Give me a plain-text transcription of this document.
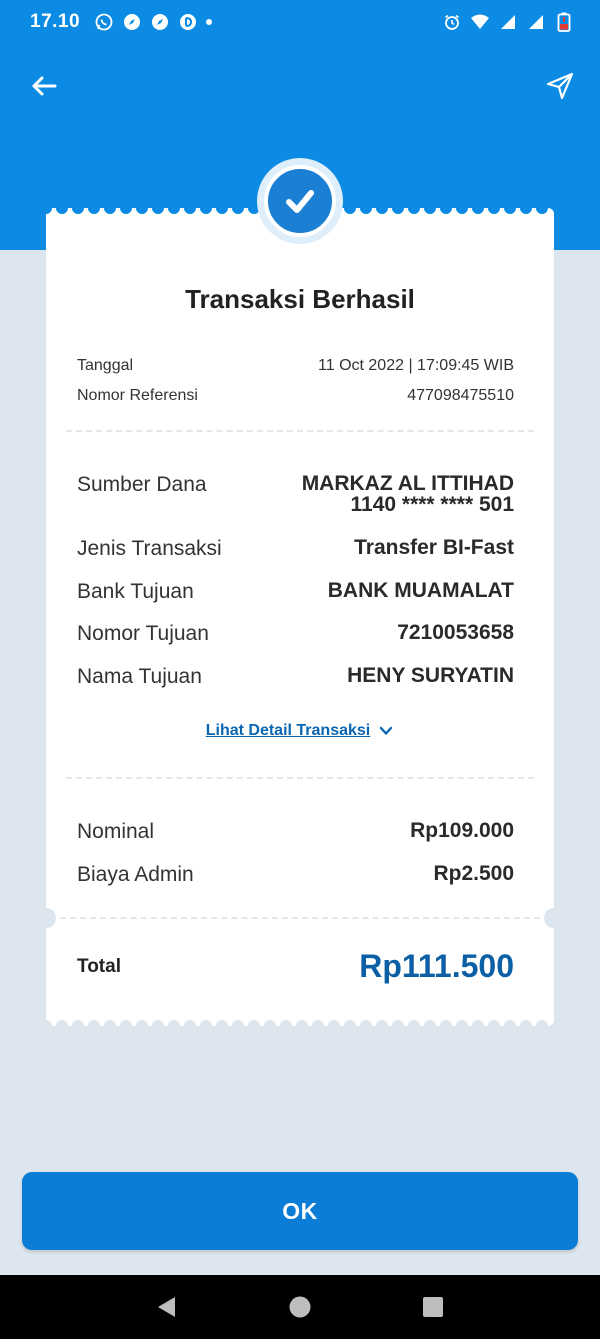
17.10
Transaksi Berhasil
Tanggal	11 Oct 2022 | 17:09:45 WIB
Nomor Referensi	477098475510
Sumber Dana	MARKAZ AL ITTIHAD
1140 **** **** 501
Jenis Transaksi	Transfer BI-Fast
Bank Tujuan	BANK MUAMALAT
Nomor Tujuan	7210053658
Nama Tujuan	HENY SURYATIN
Lihat Detail Transaksi
Nominal	Rp109.000
Biaya Admin	Rp2.500
Total	Rp111.500
OK
